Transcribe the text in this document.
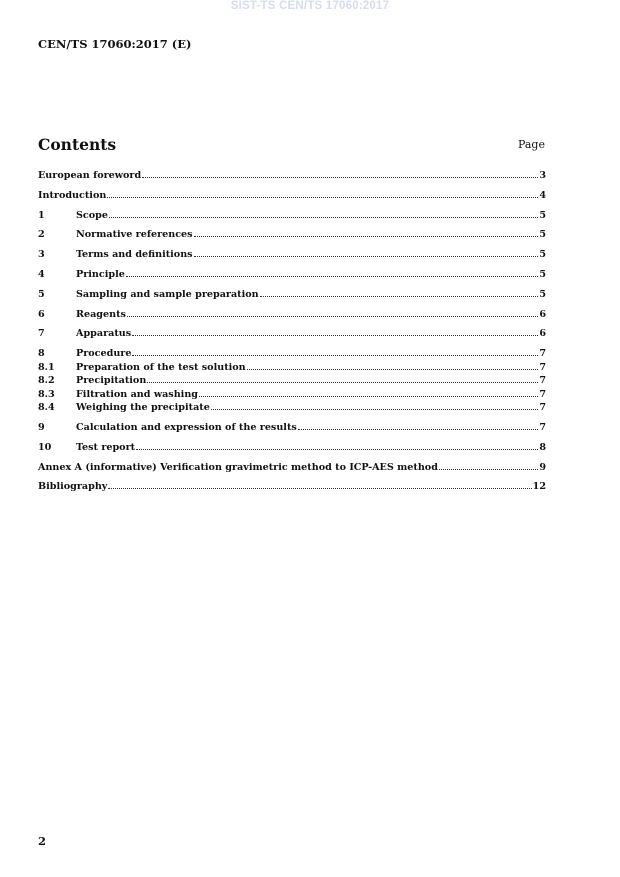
SIST-TS CEN/TS 17060:2017
CEN/TS 17060:2017 (E)
Contents	Page
European foreword	3
Introduction	4
1	Scope	5
2	Normative references	5
3	Terms and definitions	5
4	Principle	5
5	Sampling and sample preparation	5
6	Reagents	6
7	Apparatus	6
8	Procedure	7
8.1	Preparation of the test solution	7
8.2	Precipitation	7
8.3	Filtration and washing	7
8.4	Weighing the precipitate	7
9	Calculation and expression of the results	7
10	Test report	8
Annex A (informative) Verification gravimetric method to ICP-AES method	9
Bibliography	12
2
